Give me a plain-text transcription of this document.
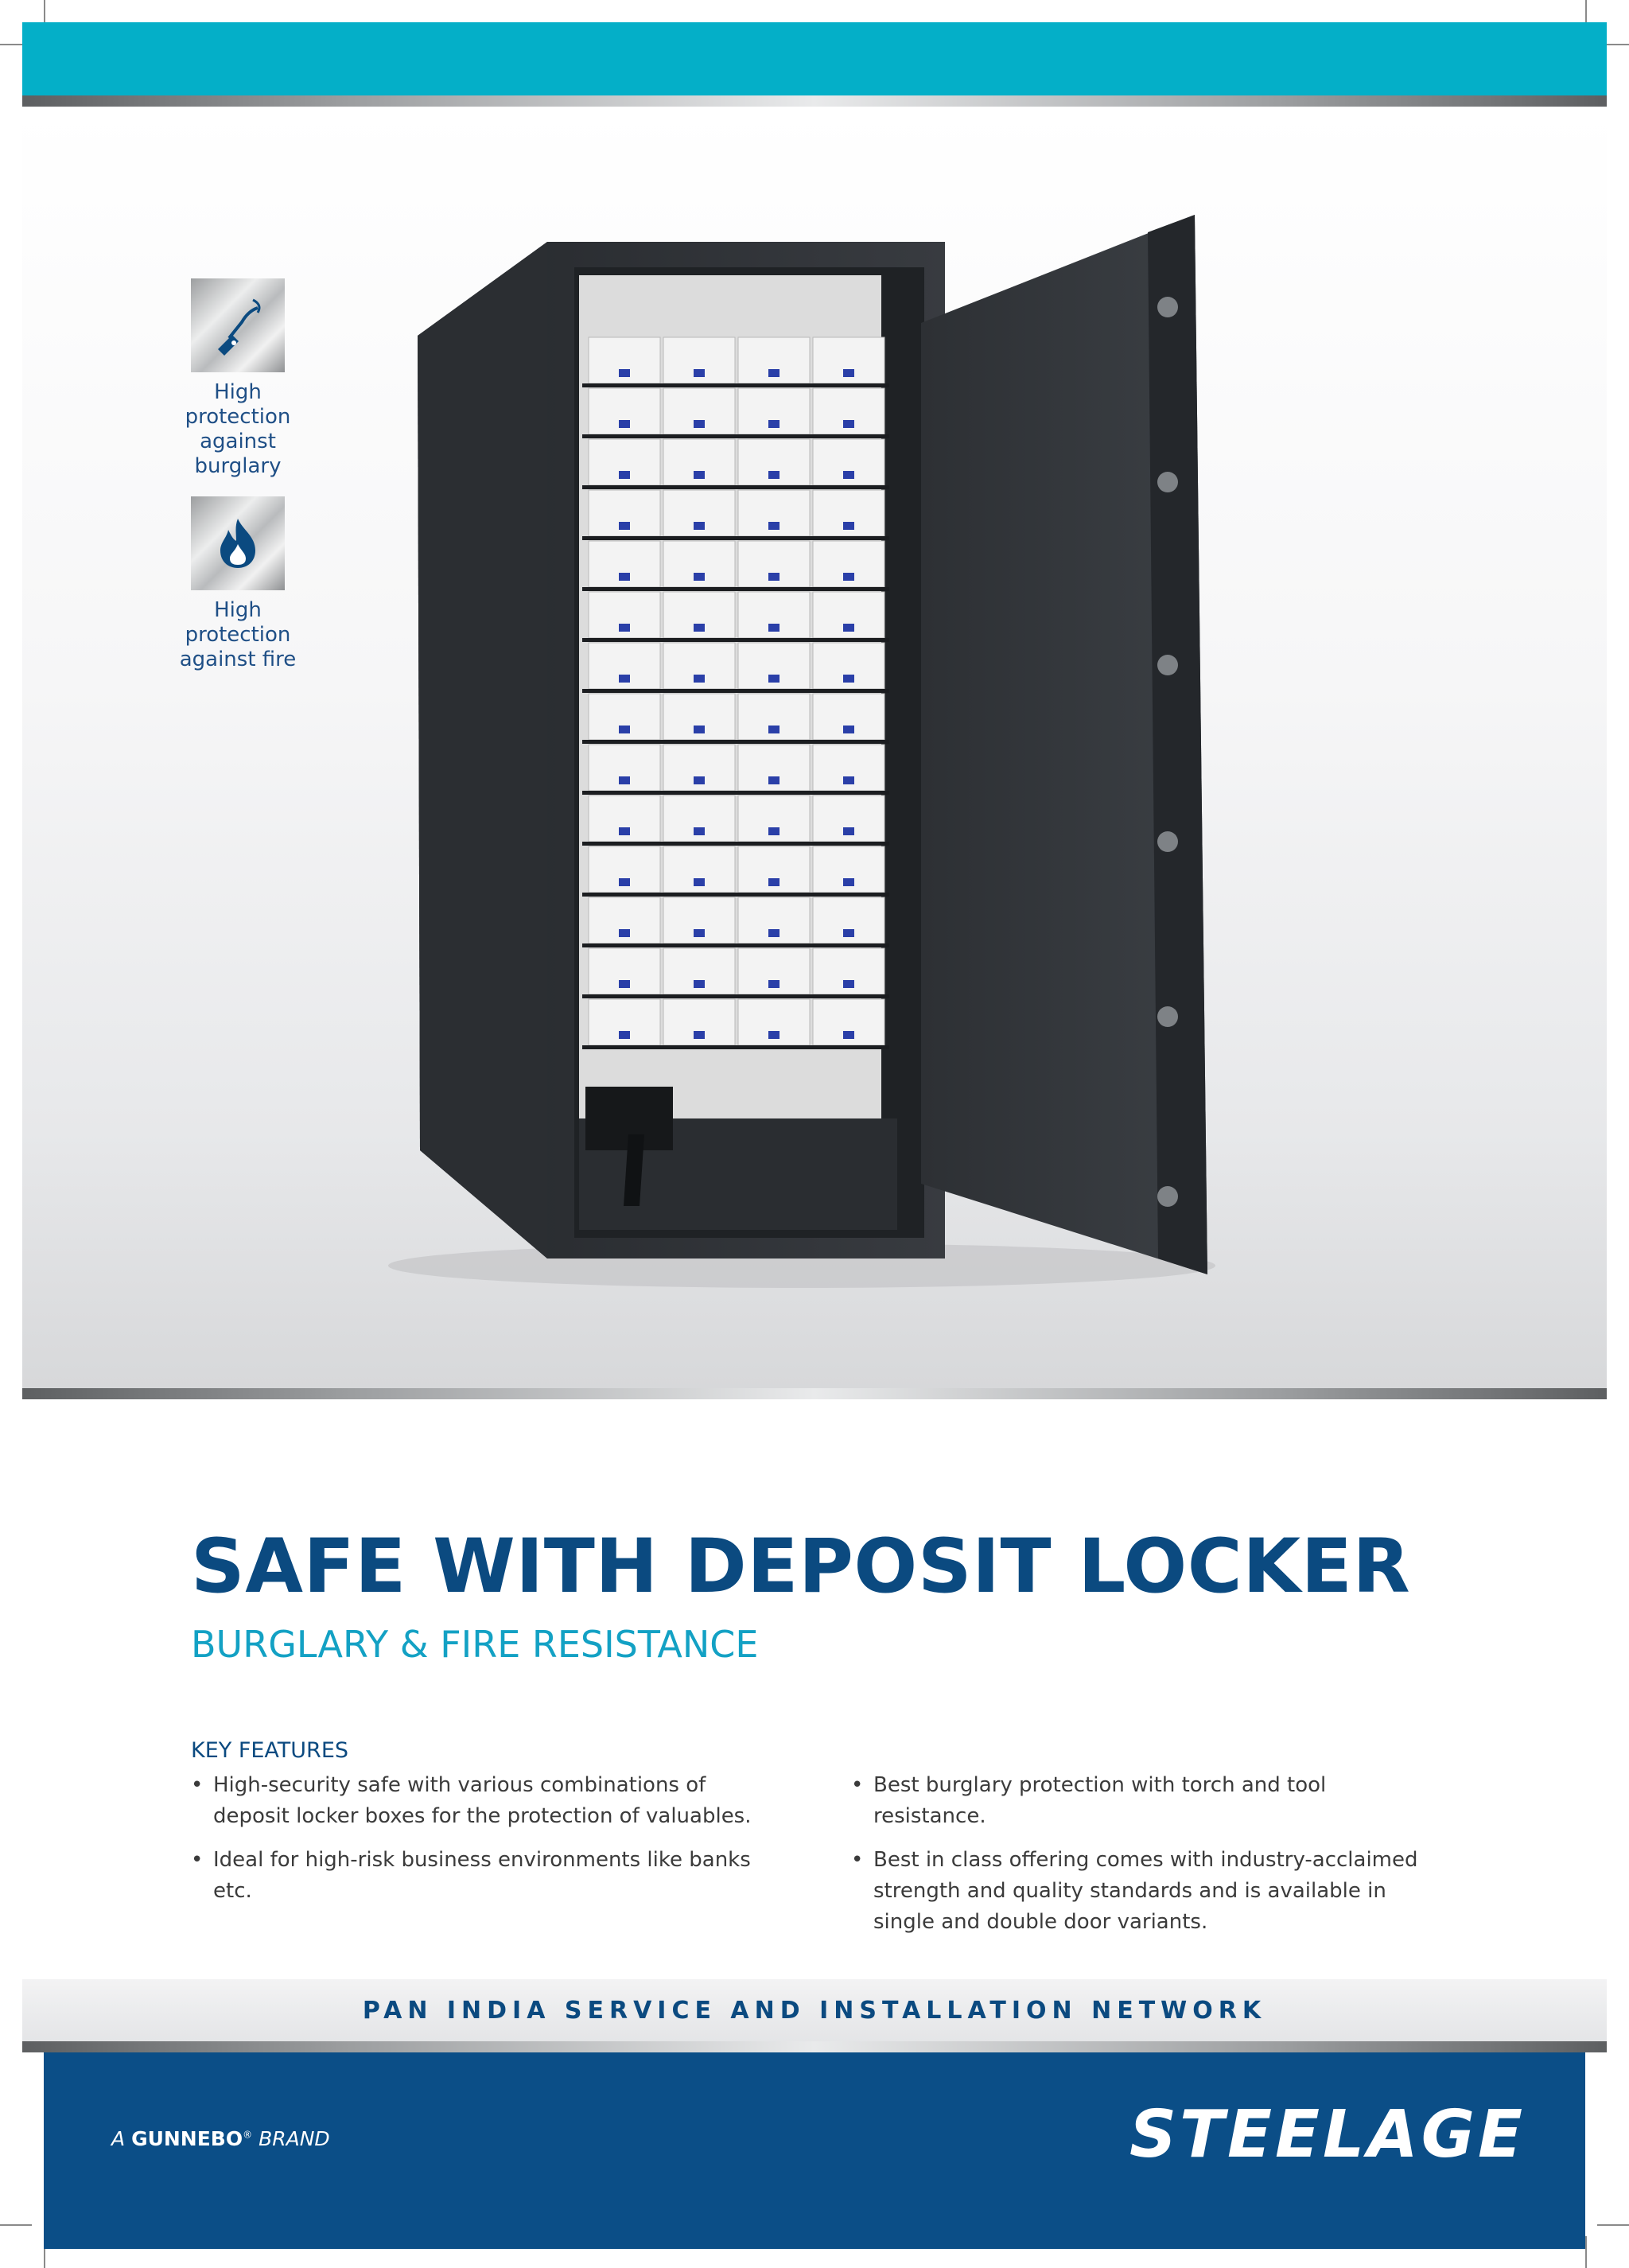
High
protection
against
burglary
High
protection
against fire
SAFE WITH DEPOSIT LOCKER
BURGLARY & FIRE RESISTANCE
KEY FEATURES
• High-security safe with various combinations of deposit locker boxes for the protection of valuables.
• Ideal for high-risk business environments like banks etc.
• Best burglary protection with torch and tool resistance.
• Best in class offering comes with industry-acclaimed strength and quality standards and is available in single and double door variants.
PAN INDIA SERVICE AND INSTALLATION NETWORK
A GUNNEBO® BRAND	STEELAGE
